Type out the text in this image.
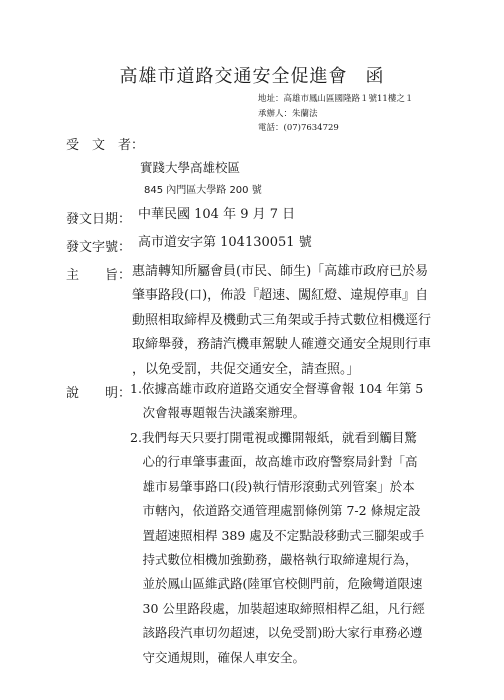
高雄市道路交通安全促進會 函
地址：高雄市鳳山區國隆路１號11樓之１
承辦人：朱蘭法
電話：(07)7634729
受　文　者：
實踐大學高雄校區
845 內門區大學路 200 號
發文日期： 中華民國 104 年 9 月 7 日
發文字號： 高市道安字第 104130051 號
主　　旨： 惠請轉知所屬會員(市民、師生)「高雄市政府已於易
肇事路段(口)，佈設『超速、闖紅燈、違規停車』自
動照相取締桿及機動式三角架或手持式數位相機逕行
取締舉發，務請汽機車駕駛人確遵交通安全規則行車
，以免受罰，共促交通安全，請查照。」
說　　明：
1.依據高雄市政府道路交通安全督導會報 104 年第 5
　次會報專題報告決議案辦理。
2.我們每天只要打開電視或攤開報紙，就看到觸目驚
　心的行車肇事畫面，故高雄市政府警察局針對「高
　雄市易肇事路口(段)執行情形滾動式列管案」於本
　市轄內，依道路交通管理處罰條例第 7-2 條規定設
　置超速照相桿 389 處及不定點設移動式三腳架或手
　持式數位相機加強勤務，嚴格執行取締違規行為，
　並於鳳山區維武路(陸軍官校側門前，危險彎道限速
　30 公里路段處，加裝超速取締照相桿乙組，凡行經
　該路段汽車切勿超速，以免受罰)盼大家行車務必遵
　守交通規則，確保人車安全。
